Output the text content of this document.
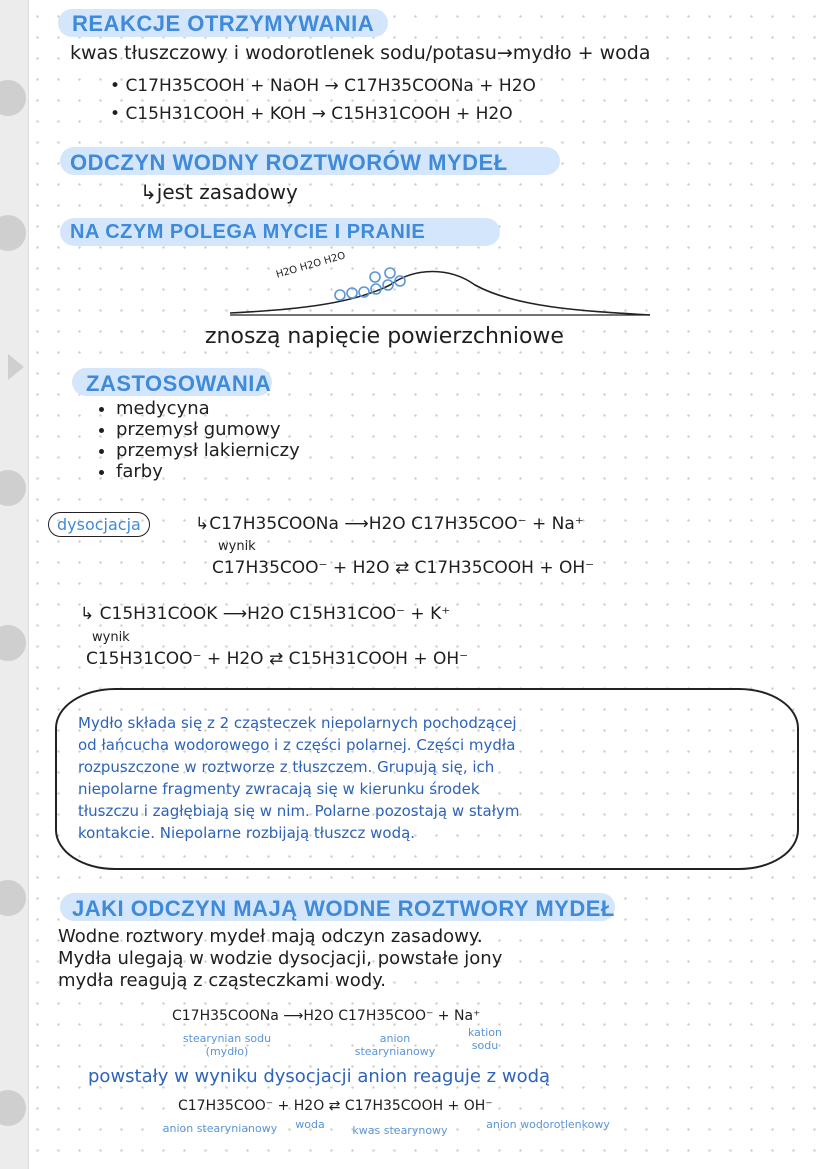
REAKCJE OTRZYMYWANIA
kwas tłuszczowy i wodorotlenek sodu/potasu→mydło + woda
• C17H35COOH + NaOH → C17H35COONa + H2O
• C15H31COOH + KOH → C15H31COOH + H2O
ODCZYN WODNY ROZTWORÓW MYDEŁ
↳jest zasadowy
NA CZYM POLEGA MYCIE I PRANIE
H2O H2O H2O
znoszą napięcie powierzchniowe
ZASTOSOWANIA
• medycyna
• przemysł gumowy
• przemysł lakierniczy
• farby
dysocjacja	↳C17H35COONa ⟶H2O C17H35COO⁻ + Na⁺
wynik
C17H35COO⁻ + H2O ⇄ C17H35COOH + OH⁻
↳ C15H31COOK ⟶H2O C15H31COO⁻ + K⁺
wynik
C15H31COO⁻ + H2O ⇄ C15H31COOH + OH⁻
Mydło składa się z 2 cząsteczek niepolarnych pochodzącej
od łańcucha wodorowego i z części polarnej. Części mydła
rozpuszczone w roztworze z tłuszczem. Grupują się, ich
niepolarne fragmenty zwracają się w kierunku środek
tłuszczu i zagłębiają się w nim. Polarne pozostają w stałym
kontakcie. Niepolarne rozbijają tłuszcz wodą.
JAKI ODCZYN MAJĄ WODNE ROZTWORY MYDEŁ
Wodne roztwory mydeł mają odczyn zasadowy.
Mydła ulegają w wodzie dysocjacji, powstałe jony
mydła reagują z cząsteczkami wody.
C17H35COONa ⟶H2O C17H35COO⁻ + Na⁺
stearynian sodu (mydło)
anion stearynianowy
kation sodu
powstały w wyniku dysocjacji anion reaguje z wodą
C17H35COO⁻ + H2O ⇄ C17H35COOH + OH⁻
anion stearynianowy	woda	kwas stearynowy	anion wodorotlenkowy
